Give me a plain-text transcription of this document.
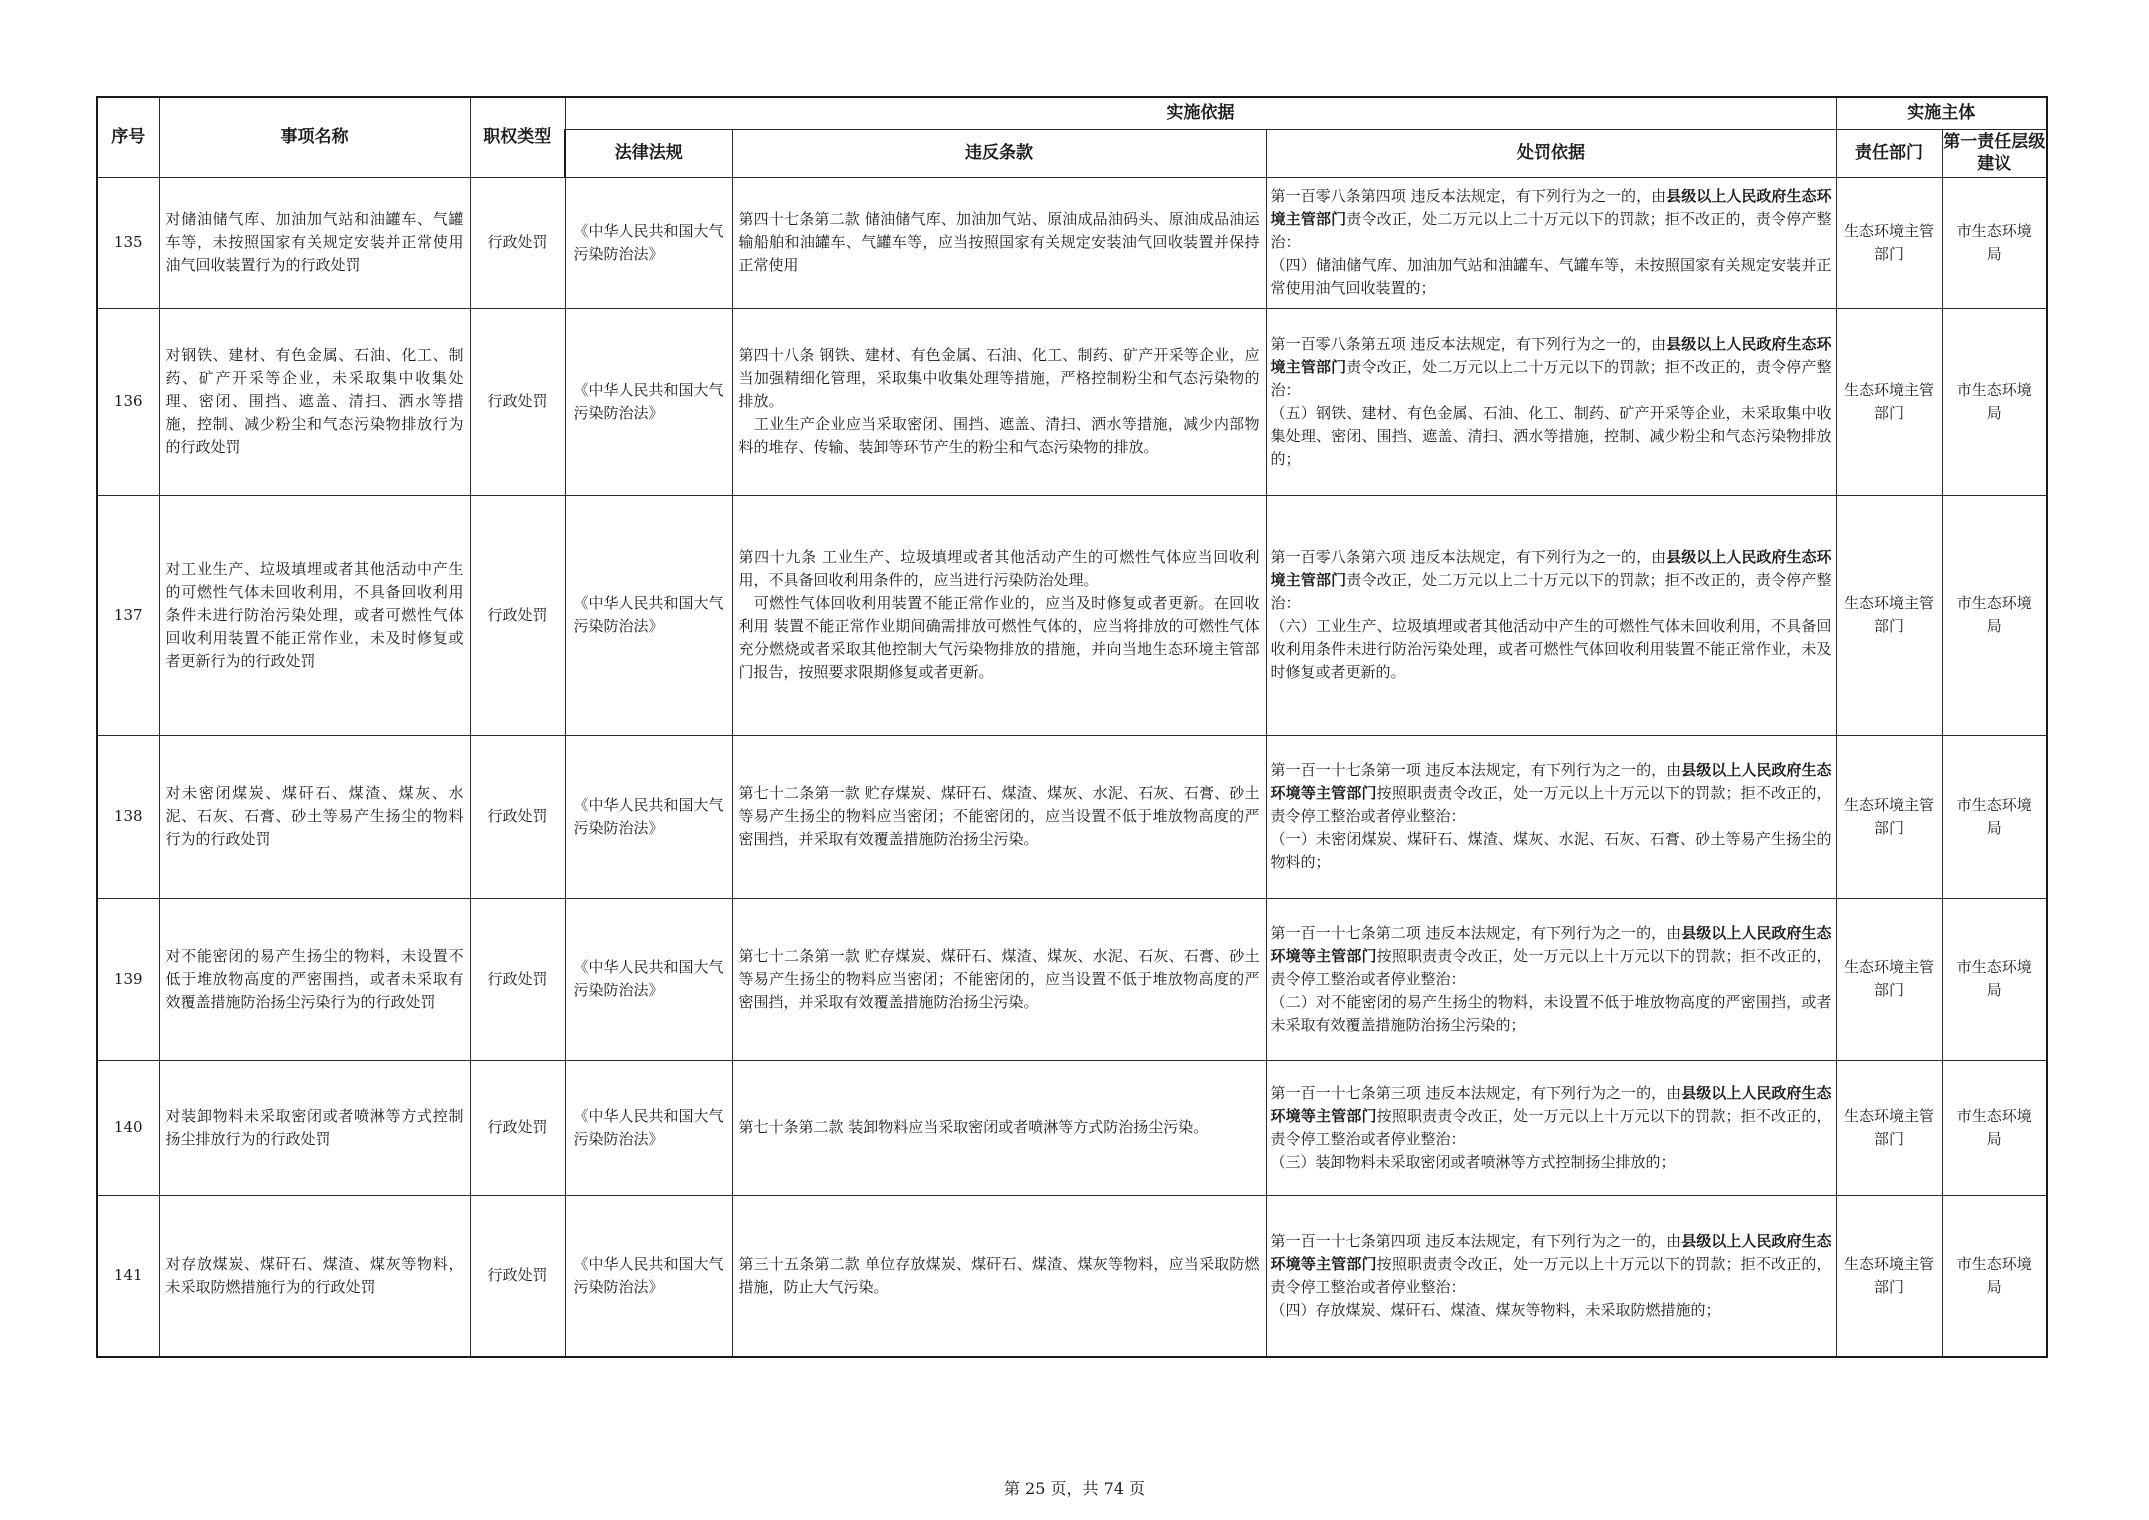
序号	事项名称	职权类型	实施依据			实施主体	
			法律法规	违反条款	处罚依据	责任部门	第一责任层级建议

135	对储油储气库、加油加气站和油罐车、气罐车等，未按照国家有关规定安装并正常使用油气回收装置行为的行政处罚	行政处罚	《中华人民共和国大气污染防治法》	第四十七条第二款 储油储气库、加油加气站、原油成品油码头、原油成品油运输船舶和油罐车、气罐车等，应当按照国家有关规定安装油气回收装置并保持正常使用	第一百零八条第四项 违反本法规定，有下列行为之一的，由县级以上人民政府生态环境主管部门责令改正，处二万元以上二十万元以下的罚款；拒不改正的，责令停产整治：
（四）储油储气库、加油加气站和油罐车、气罐车等，未按照国家有关规定安装并正常使用油气回收装置的；	生态环境主管部门	市生态环境局

136	对钢铁、建材、有色金属、石油、化工、制药、矿产开采等企业，未采取集中收集处理、密闭、围挡、遮盖、清扫、洒水等措施，控制、减少粉尘和气态污染物排放行为的行政处罚	行政处罚	《中华人民共和国大气污染防治法》	第四十八条 钢铁、建材、有色金属、石油、化工、制药、矿产开采等企业，应当加强精细化管理，采取集中收集处理等措施，严格控制粉尘和气态污染物的排放。
　工业生产企业应当采取密闭、围挡、遮盖、清扫、洒水等措施，减少内部物料的堆存、传输、装卸等环节产生的粉尘和气态污染物的排放。	第一百零八条第五项 违反本法规定，有下列行为之一的，由县级以上人民政府生态环境主管部门责令改正，处二万元以上二十万元以下的罚款；拒不改正的，责令停产整治：
（五）钢铁、建材、有色金属、石油、化工、制药、矿产开采等企业，未采取集中收集处理、密闭、围挡、遮盖、清扫、洒水等措施，控制、减少粉尘和气态污染物排放的；	生态环境主管部门	市生态环境局

137	对工业生产、垃圾填埋或者其他活动中产生的可燃性气体未回收利用，不具备回收利用条件未进行防治污染处理，或者可燃性气体回收利用装置不能正常作业，未及时修复或者更新行为的行政处罚	行政处罚	《中华人民共和国大气污染防治法》	第四十九条 工业生产、垃圾填埋或者其他活动产生的可燃性气体应当回收利用，不具备回收利用条件的，应当进行污染防治处理。
　可燃性气体回收利用装置不能正常作业的，应当及时修复或者更新。在回收利用 装置不能正常作业期间确需排放可燃性气体的，应当将排放的可燃性气体充分燃烧或者采取其他控制大气污染物排放的措施，并向当地生态环境主管部门报告，按照要求限期修复或者更新。	第一百零八条第六项 违反本法规定，有下列行为之一的，由县级以上人民政府生态环境主管部门责令改正，处二万元以上二十万元以下的罚款；拒不改正的，责令停产整治：
（六）工业生产、垃圾填埋或者其他活动中产生的可燃性气体未回收利用，不具备回收利用条件未进行防治污染处理，或者可燃性气体回收利用装置不能正常作业，未及时修复或者更新的。	生态环境主管部门	市生态环境局

138	对未密闭煤炭、煤矸石、煤渣、煤灰、水泥、石灰、石膏、砂土等易产生扬尘的物料行为的行政处罚	行政处罚	《中华人民共和国大气污染防治法》	第七十二条第一款 贮存煤炭、煤矸石、煤渣、煤灰、水泥、石灰、石膏、砂土等易产生扬尘的物料应当密闭；不能密闭的，应当设置不低于堆放物高度的严密围挡，并采取有效覆盖措施防治扬尘污染。	第一百一十七条第一项 违反本法规定，有下列行为之一的，由县级以上人民政府生态环境等主管部门按照职责责令改正，处一万元以上十万元以下的罚款；拒不改正的，责令停工整治或者停业整治：
（一）未密闭煤炭、煤矸石、煤渣、煤灰、水泥、石灰、石膏、砂土等易产生扬尘的物料的；	生态环境主管部门	市生态环境局

139	对不能密闭的易产生扬尘的物料，未设置不低于堆放物高度的严密围挡，或者未采取有效覆盖措施防治扬尘污染行为的行政处罚	行政处罚	《中华人民共和国大气污染防治法》	第七十二条第一款 贮存煤炭、煤矸石、煤渣、煤灰、水泥、石灰、石膏、砂土等易产生扬尘的物料应当密闭；不能密闭的，应当设置不低于堆放物高度的严密围挡，并采取有效覆盖措施防治扬尘污染。	第一百一十七条第二项 违反本法规定，有下列行为之一的，由县级以上人民政府生态环境等主管部门按照职责责令改正，处一万元以上十万元以下的罚款；拒不改正的，责令停工整治或者停业整治：
（二）对不能密闭的易产生扬尘的物料，未设置不低于堆放物高度的严密围挡，或者未采取有效覆盖措施防治扬尘污染的；	生态环境主管部门	市生态环境局

140	对装卸物料未采取密闭或者喷淋等方式控制扬尘排放行为的行政处罚	行政处罚	《中华人民共和国大气污染防治法》	第七十条第二款 装卸物料应当采取密闭或者喷淋等方式防治扬尘污染。	第一百一十七条第三项 违反本法规定，有下列行为之一的，由县级以上人民政府生态环境等主管部门按照职责责令改正，处一万元以上十万元以下的罚款；拒不改正的，责令停工整治或者停业整治：
（三）装卸物料未采取密闭或者喷淋等方式控制扬尘排放的；	生态环境主管部门	市生态环境局

141	对存放煤炭、煤矸石、煤渣、煤灰等物料，未采取防燃措施行为的行政处罚	行政处罚	《中华人民共和国大气污染防治法》	第三十五条第二款 单位存放煤炭、煤矸石、煤渣、煤灰等物料，应当采取防燃措施，防止大气污染。	第一百一十七条第四项 违反本法规定，有下列行为之一的，由县级以上人民政府生态环境等主管部门按照职责责令改正，处一万元以上十万元以下的罚款；拒不改正的，责令停工整治或者停业整治：
（四）存放煤炭、煤矸石、煤渣、煤灰等物料，未采取防燃措施的；	生态环境主管部门	市生态环境局
第 25 页，共 74 页
